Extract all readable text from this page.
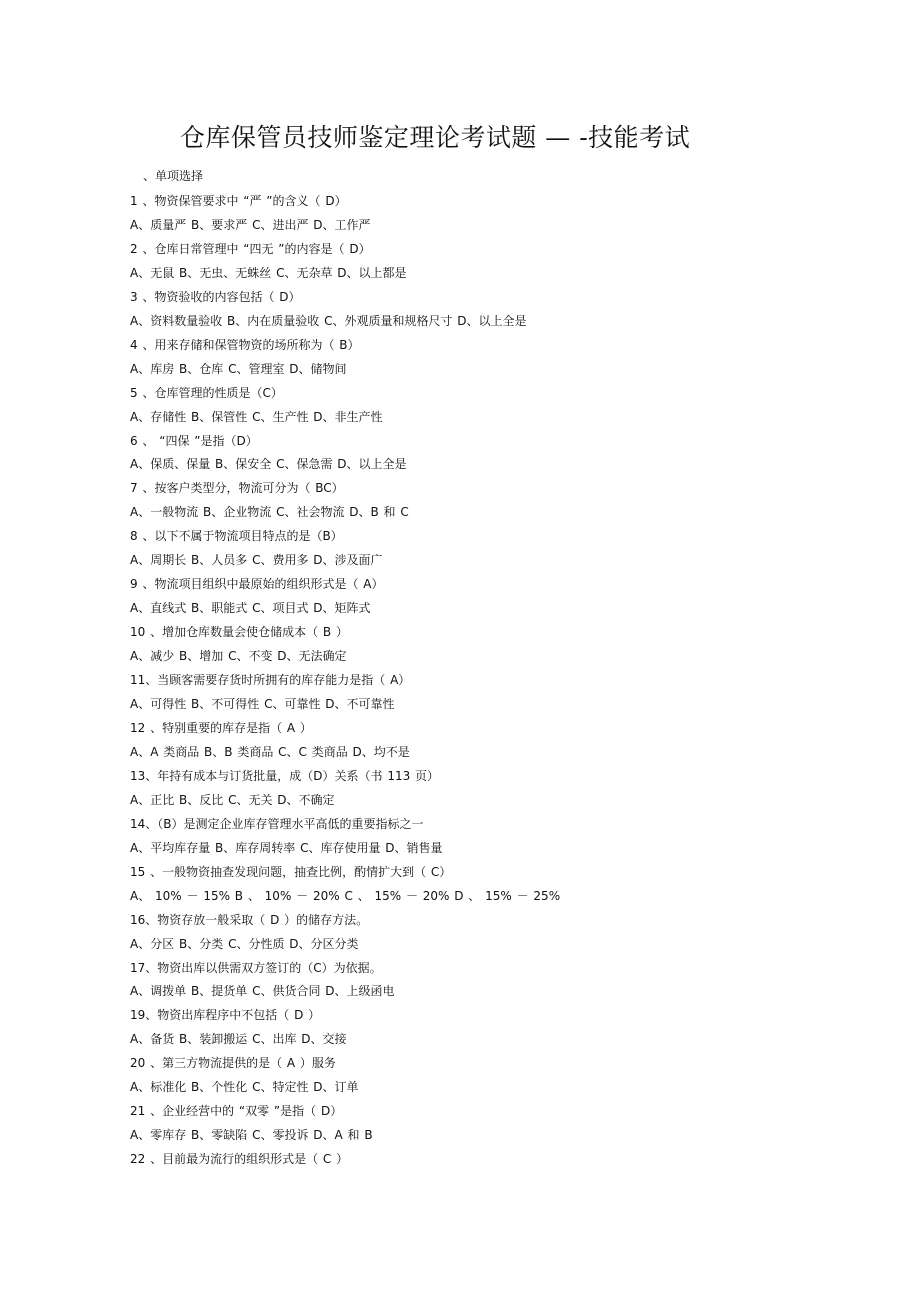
仓库保管员技师鉴定理论考试题 — -技能考试
、单项选择
1 、物资保管要求中 “严 ”的含义（ D）
A、质量严 B、要求严 C、进出严 D、工作严
2 、仓库日常管理中 “四无 ”的内容是（ D）
A、无鼠 B、无虫、无蛛丝 C、无杂草 D、以上都是
3 、物资验收的内容包括（ D）
A、资料数量验收 B、内在质量验收 C、外观质量和规格尺寸 D、以上全是
4 、用来存储和保管物资的场所称为（ B）
A、库房 B、仓库 C、管理室 D、储物间
5 、仓库管理的性质是（C）
A、存储性 B、保管性 C、生产性 D、非生产性
6 、 “四保 ”是指（D）
A、保质、保量 B、保安全 C、保急需 D、以上全是
7 、按客户类型分，物流可分为（ BC）
A、一般物流 B、企业物流 C、社会物流 D、B 和 C
8 、以下不属于物流项目特点的是（B）
A、周期长 B、人员多 C、费用多 D、涉及面广
9 、物流项目组织中最原始的组织形式是（ A）
A、直线式 B、职能式 C、项目式 D、矩阵式
10 、增加仓库数量会使仓储成本（ B ）
A、减少 B、增加 C、不变 D、无法确定
11、当顾客需要存货时所拥有的库存能力是指（ A）
A、可得性 B、不可得性 C、可靠性 D、不可靠性
12 、特别重要的库存是指（ A ）
A、A 类商品 B、B 类商品 C、C 类商品 D、均不是
13、年持有成本与订货批量，成（D）关系（书 113 页）
A、正比 B、反比 C、无关 D、不确定
14、（B）是测定企业库存管理水平高低的重要指标之一
A、平均库存量 B、库存周转率 C、库存使用量 D、销售量
15 、一般物资抽查发现问题，抽查比例，酌情扩大到（ C）
A、 10% － 15% B 、 10% － 20% C 、 15% － 20% D 、 15% － 25%
16、物资存放一般采取（ D ）的储存方法。
A、分区 B、分类 C、分性质 D、分区分类
17、物资出库以供需双方签订的（C）为依据。
A、调拨单 B、提货单 C、供货合同 D、上级函电
19、物资出库程序中不包括（ D ）
A、备货 B、装卸搬运 C、出库 D、交接
20 、第三方物流提供的是（ A ）服务
A、标准化 B、个性化 C、特定性 D、订单
21 、企业经营中的 “双零 ”是指（ D）
A、零库存 B、零缺陷 C、零投诉 D、A 和 B
22 、目前最为流行的组织形式是（ C ）
